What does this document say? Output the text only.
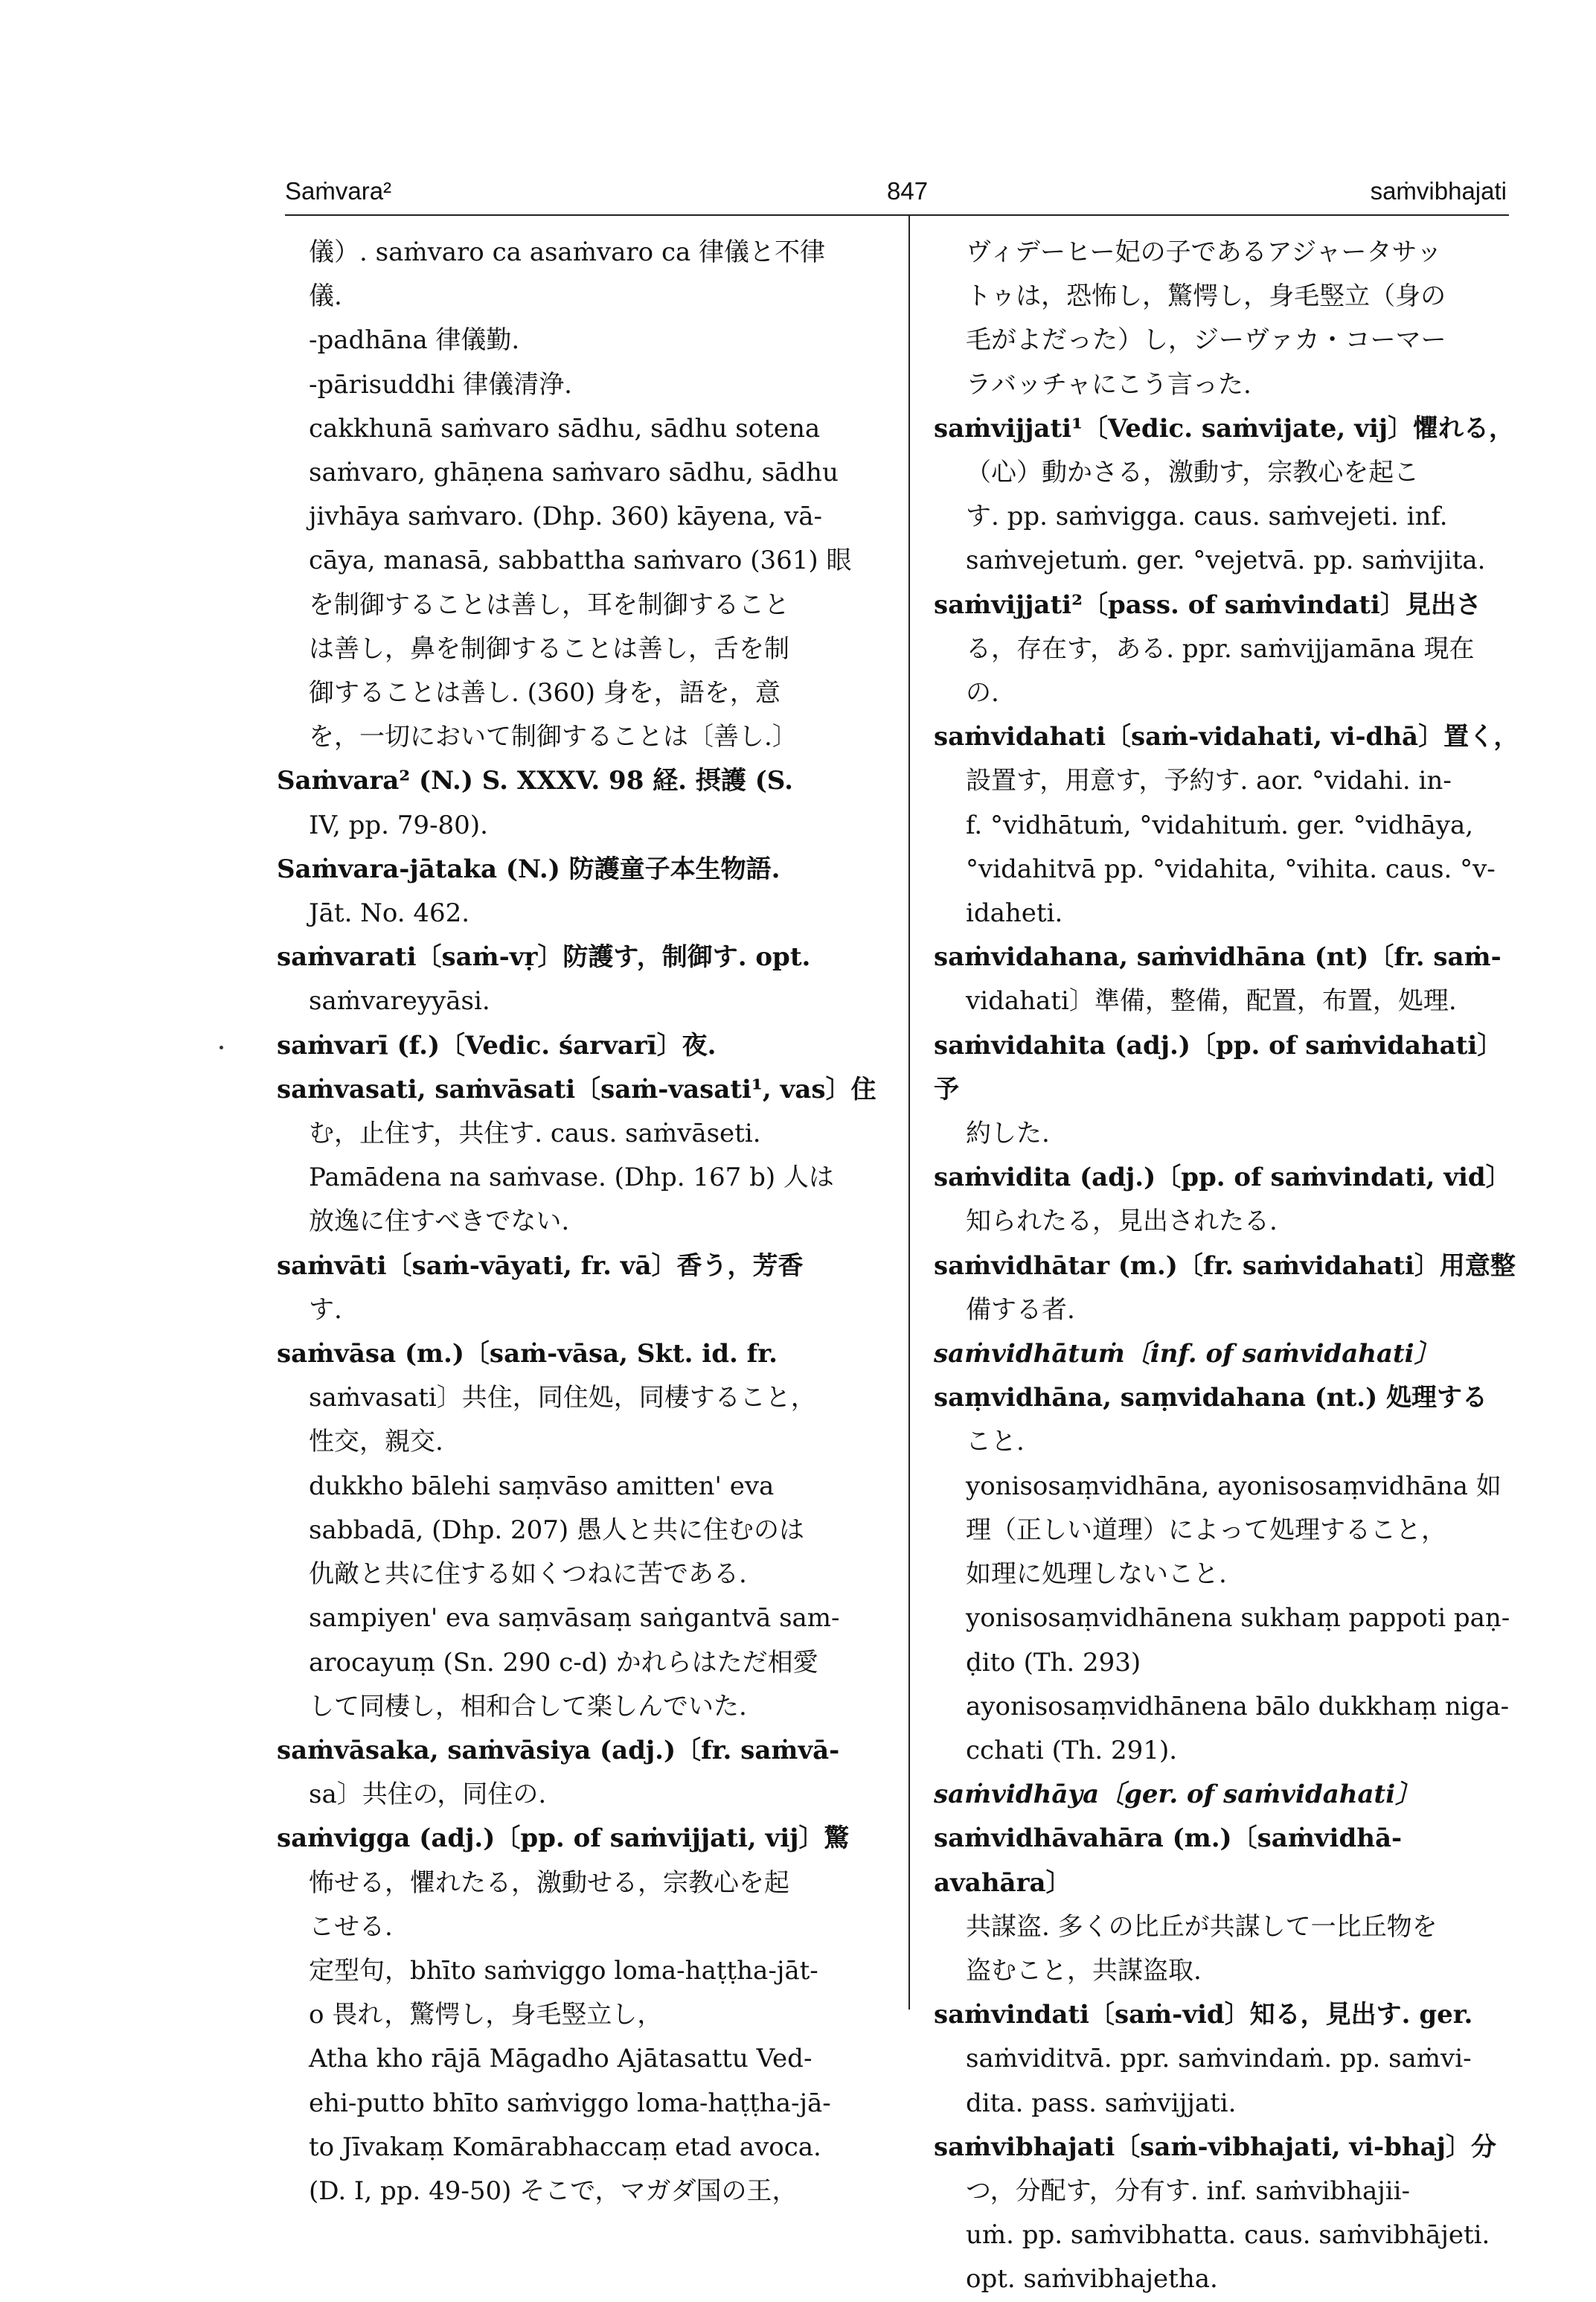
Saṁvara²	847	saṁvibhajati
儀）. saṁvaro ca asaṁvaro ca 律儀と不律
儀.
-padhāna 律儀勤.
-pārisuddhi 律儀清浄.
cakkhunā saṁvaro sādhu, sādhu sotena
saṁvaro, ghāṇena saṁvaro sādhu, sādhu
jivhāya saṁvaro. (Dhp. 360) kāyena, vā-
cāya, manasā, sabbattha saṁvaro (361) 眼
を制御することは善し，耳を制御すること
は善し，鼻を制御することは善し，舌を制
御することは善し. (360) 身を，語を，意
を，一切において制御することは〔善し.〕
Saṁvara² (N.) S. XXXV. 98 経. 摂護 (S.
IV, pp. 79-80).
Saṁvara-jātaka (N.) 防護童子本生物語.
Jāt. No. 462.
saṁvarati〔saṁ-vṛ〕防護す，制御す. opt.
saṁvareyyāsi.
saṁvarī (f.)〔Vedic. śarvarī〕夜.
saṁvasati, saṁvāsati〔saṁ-vasati¹, vas〕住
む，止住す，共住す. caus. saṁvāseti.
Pamādena na saṁvase. (Dhp. 167 b) 人は
放逸に住すべきでない.
saṁvāti〔saṁ-vāyati, fr. vā〕香う，芳香
す.
saṁvāsa (m.)〔saṁ-vāsa, Skt. id. fr.
saṁvasati〕共住，同住処，同棲すること，
性交，親交.
dukkho bālehi saṃvāso amitten' eva
sabbadā, (Dhp. 207) 愚人と共に住むのは
仇敵と共に住する如くつねに苦である.
sampiyen' eva saṃvāsaṃ saṅgantvā sam-
arocayuṃ (Sn. 290 c-d) かれらはただ相愛
して同棲し，相和合して楽しんでいた.
saṁvāsaka, saṁvāsiya (adj.)〔fr. saṁvā-
sa〕共住の，同住の.
saṁvigga (adj.)〔pp. of saṁvijjati, vij〕驚
怖せる，懼れたる，激動せる，宗教心を起
こせる.
定型句，bhīto saṁviggo loma-haṭṭha-jāt-
o 畏れ，驚愕し，身毛竪立し，
Atha kho rājā Māgadho Ajātasattu Ved-
ehi-putto bhīto saṁviggo loma-haṭṭha-jā-
to Jīvakaṃ Komārabhaccaṃ etad avoca.
(D. I, pp. 49-50) そこで，マガダ国の王，
ヴィデーヒー妃の子であるアジャータサッ
トゥは，恐怖し，驚愕し，身毛竪立（身の
毛がよだった）し，ジーヴァカ・コーマー
ラバッチャにこう言った.
saṁvijjati¹〔Vedic. saṁvijate, vij〕懼れる，
（心）動かさる，激動す，宗教心を起こ
す. pp. saṁvigga. caus. saṁvejeti. inf.
saṁvejetuṁ. ger. °vejetvā. pp. saṁvijita.
saṁvijjati²〔pass. of saṁvindati〕見出さ
る，存在す，ある. ppr. saṁvijjamāna 現在
の.
saṁvidahati〔saṁ-vidahati, vi-dhā〕置く，
設置す，用意す，予約す. aor. °vidahi. in-
f. °vidhātuṁ, °vidahituṁ. ger. °vidhāya,
°vidahitvā pp. °vidahita, °vihita. caus. °v-
idaheti.
saṁvidahana, saṁvidhāna (nt)〔fr. saṁ-
vidahati〕準備，整備，配置，布置，処理.
saṁvidahita (adj.)〔pp. of saṁvidahati〕予
約した.
saṁvidita (adj.)〔pp. of saṁvindati, vid〕
知られたる，見出されたる.
saṁvidhātar (m.)〔fr. saṁvidahati〕用意整
備する者.
saṁvidhātuṁ〔inf. of saṁvidahati〕
saṃvidhāna, saṃvidahana (nt.) 処理する
こと.
yonisosaṃvidhāna, ayonisosaṃvidhāna 如
理（正しい道理）によって処理すること，
如理に処理しないこと.
yonisosaṃvidhānena sukhaṃ pappoti paṇ-
ḍito (Th. 293)
ayonisosaṃvidhānena bālo dukkhaṃ niga-
cchati (Th. 291).
saṁvidhāya〔ger. of saṁvidahati〕
saṁvidhāvahāra (m.)〔saṁvidhā-avahāra〕
共謀盗. 多くの比丘が共謀して一比丘物を
盗むこと，共謀盗取.
saṁvindati〔saṁ-vid〕知る，見出す. ger.
saṁviditvā. ppr. saṁvindaṁ. pp. saṁvi-
dita. pass. saṁvijjati.
saṁvibhajati〔saṁ-vibhajati, vi-bhaj〕分
つ，分配す，分有す. inf. saṁvibhajii-
uṁ. pp. saṁvibhatta. caus. saṁvibhājeti.
opt. saṁvibhajetha.
